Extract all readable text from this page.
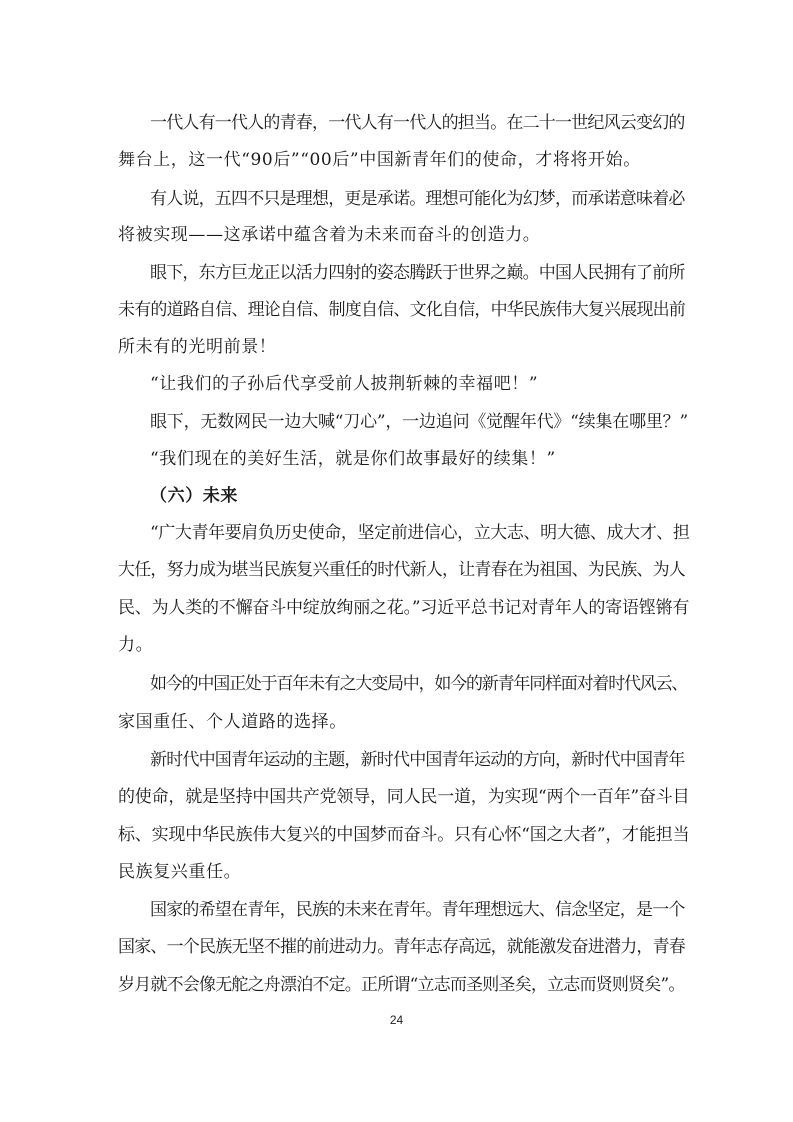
一代人有一代人的青春，一代人有一代人的担当。在二十一世纪风云变幻的
舞台上，这一代“90后”“00后”中国新青年们的使命，才将将开始。
有人说，五四不只是理想，更是承诺。理想可能化为幻梦，而承诺意味着必
将被实现——这承诺中蕴含着为未来而奋斗的创造力。
眼下，东方巨龙正以活力四射的姿态腾跃于世界之巅。中国人民拥有了前所
未有的道路自信、理论自信、制度自信、文化自信，中华民族伟大复兴展现出前
所未有的光明前景！
“让我们的子孙后代享受前人披荆斩棘的幸福吧！”
眼下，无数网民一边大喊“刀心”，一边追问《觉醒年代》“续集在哪里？”
“我们现在的美好生活，就是你们故事最好的续集！”
（六）未来
“广大青年要肩负历史使命，坚定前进信心，立大志、明大德、成大才、担
大任，努力成为堪当民族复兴重任的时代新人，让青春在为祖国、为民族、为人
民、为人类的不懈奋斗中绽放绚丽之花。”习近平总书记对青年人的寄语铿锵有
力。
如今的中国正处于百年未有之大变局中，如今的新青年同样面对着时代风云、
家国重任、个人道路的选择。
新时代中国青年运动的主题，新时代中国青年运动的方向，新时代中国青年
的使命，就是坚持中国共产党领导，同人民一道，为实现“两个一百年”奋斗目
标、实现中华民族伟大复兴的中国梦而奋斗。只有心怀“国之大者”，才能担当
民族复兴重任。
国家的希望在青年，民族的未来在青年。青年理想远大、信念坚定，是一个
国家、一个民族无坚不摧的前进动力。青年志存高远，就能激发奋进潜力，青春
岁月就不会像无舵之舟漂泊不定。正所谓“立志而圣则圣矣，立志而贤则贤矣”。
24
